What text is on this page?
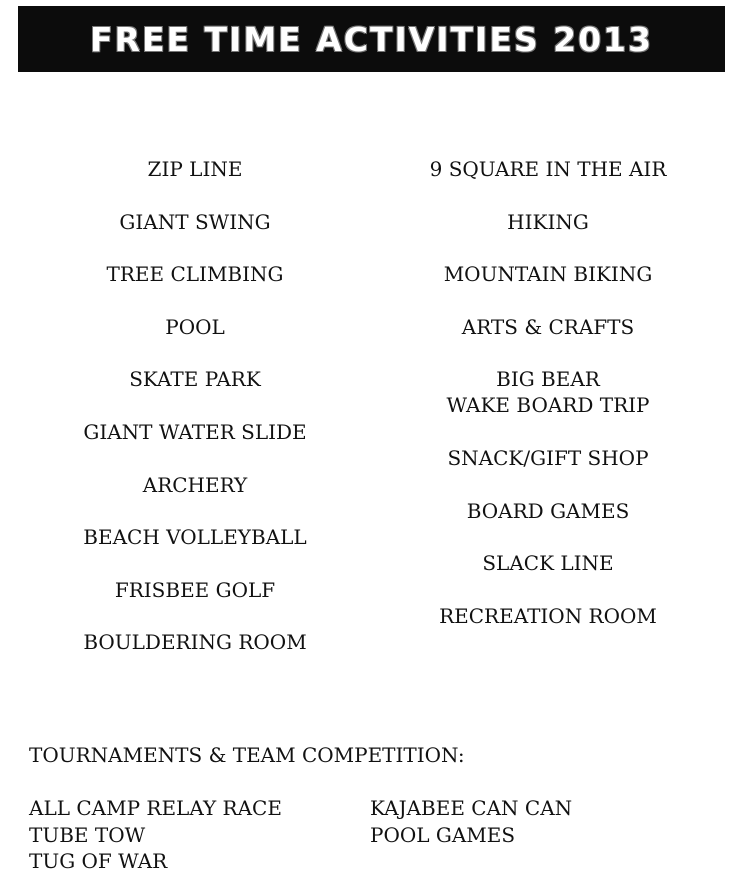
FREE TIME ACTIVITIES 2013
ZIP LINE
GIANT SWING
TREE CLIMBING
POOL
SKATE PARK
GIANT WATER SLIDE
ARCHERY
BEACH VOLLEYBALL
FRISBEE GOLF
BOULDERING ROOM
9 SQUARE IN THE AIR
HIKING
MOUNTAIN BIKING
ARTS & CRAFTS
BIG BEAR
WAKE BOARD TRIP
SNACK/GIFT SHOP
BOARD GAMES
SLACK LINE
RECREATION ROOM
TOURNAMENTS & TEAM COMPETITION:
ALL CAMP RELAY RACE
TUBE TOW
TUG OF WAR
KAJABEE CAN CAN
POOL GAMES
